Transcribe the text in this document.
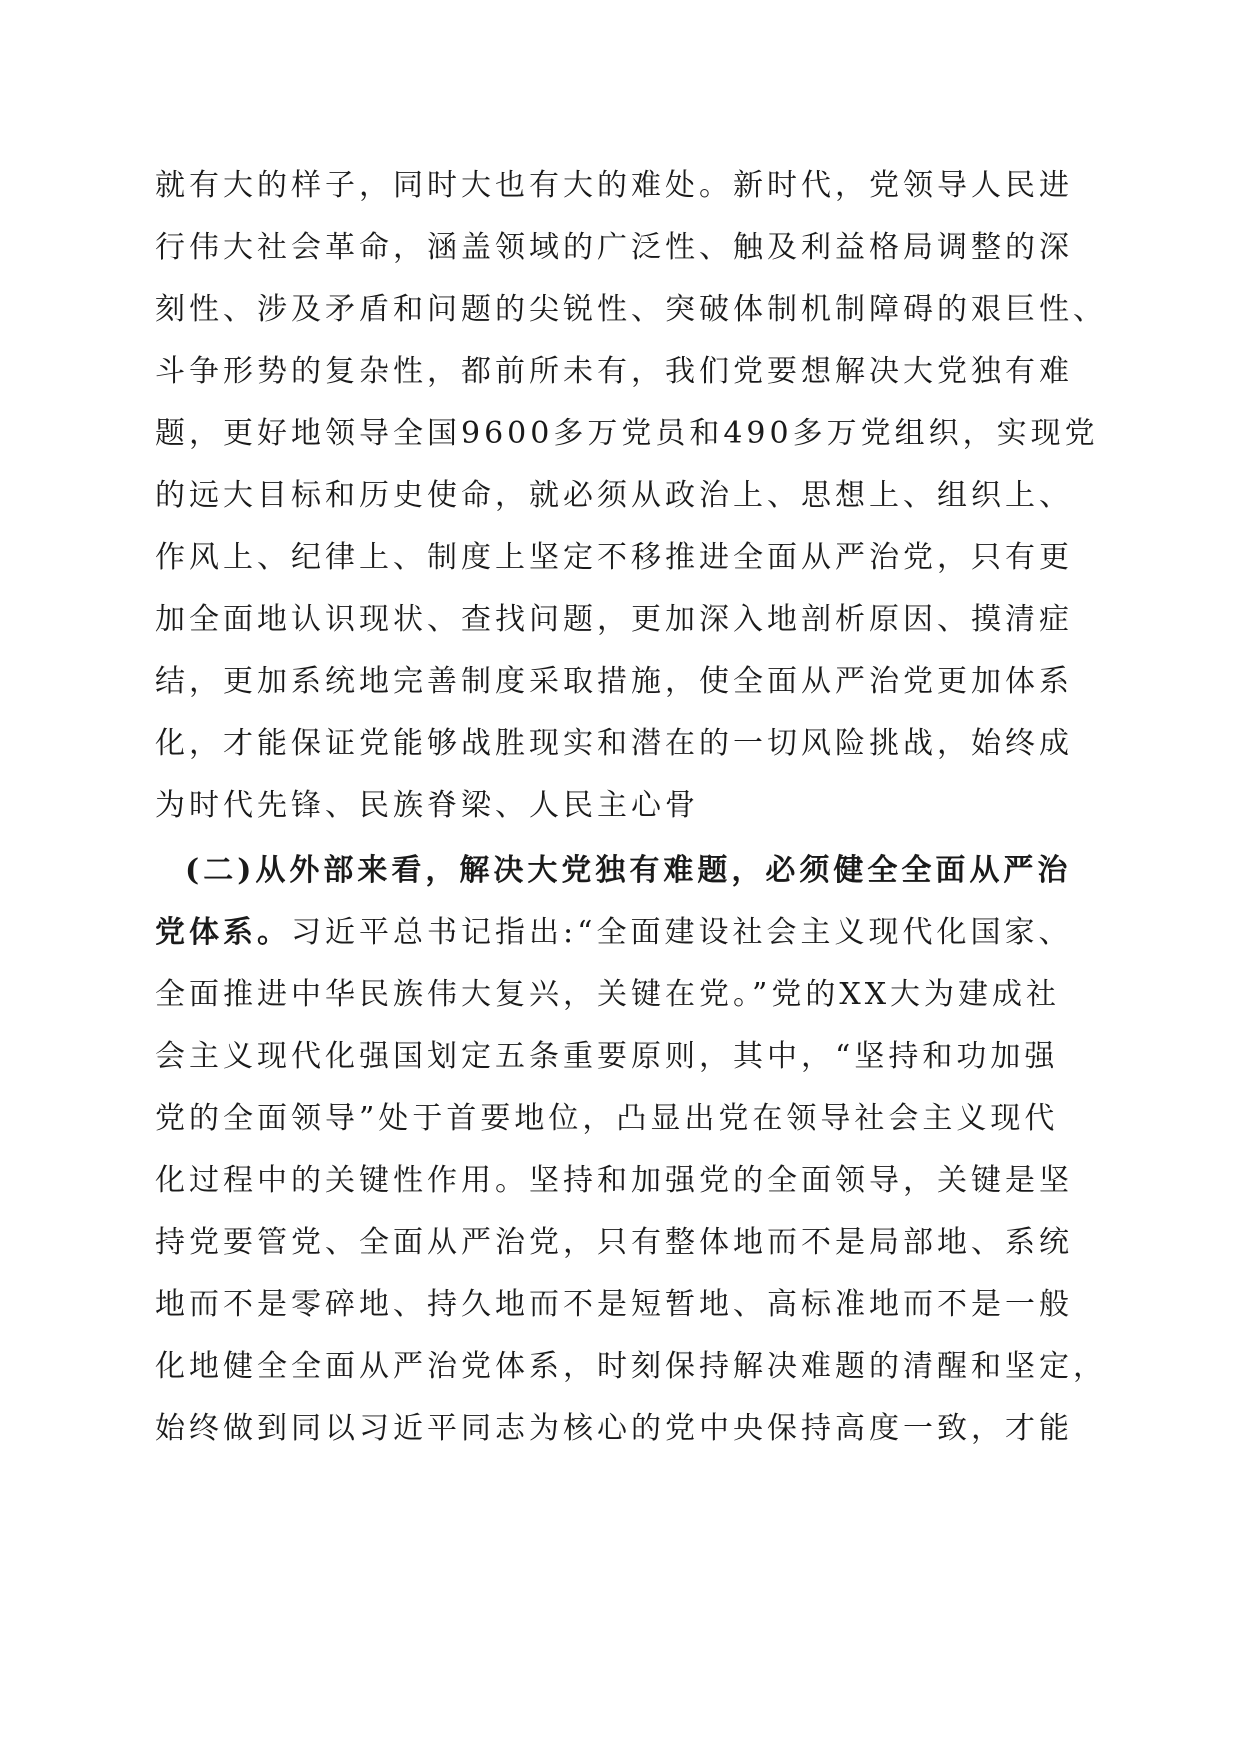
就有大的样子，同时大也有大的难处。新时代，党领导人民进
行伟大社会革命，涵盖领域的广泛性、触及利益格局调整的深
刻性、涉及矛盾和问题的尖锐性、突破体制机制障碍的艰巨性、
斗争形势的复杂性，都前所未有，我们党要想解决大党独有难
题，更好地领导全国9600多万党员和490多万党组织，实现党
的远大目标和历史使命，就必须从政治上、思想上、组织上、
作风上、纪律上、制度上坚定不移推进全面从严治党，只有更
加全面地认识现状、查找问题，更加深入地剖析原因、摸清症
结，更加系统地完善制度采取措施，使全面从严治党更加体系
化，才能保证党能够战胜现实和潜在的一切风险挑战，始终成
为时代先锋、民族脊梁、人民主心骨
(二)从外部来看，解决大党独有难题，必须健全全面从严治
党体系。习近平总书记指出:“全面建设社会主义现代化国家、
全面推进中华民族伟大复兴，关键在党。”党的XX大为建成社
会主义现代化强国划定五条重要原则，其中，“坚持和功加强
党的全面领导”处于首要地位，凸显出党在领导社会主义现代
化过程中的关键性作用。坚持和加强党的全面领导，关键是坚
持党要管党、全面从严治党，只有整体地而不是局部地、系统
地而不是零碎地、持久地而不是短暂地、高标准地而不是一般
化地健全全面从严治党体系，时刻保持解决难题的清醒和坚定，
始终做到同以习近平同志为核心的党中央保持高度一致，才能
